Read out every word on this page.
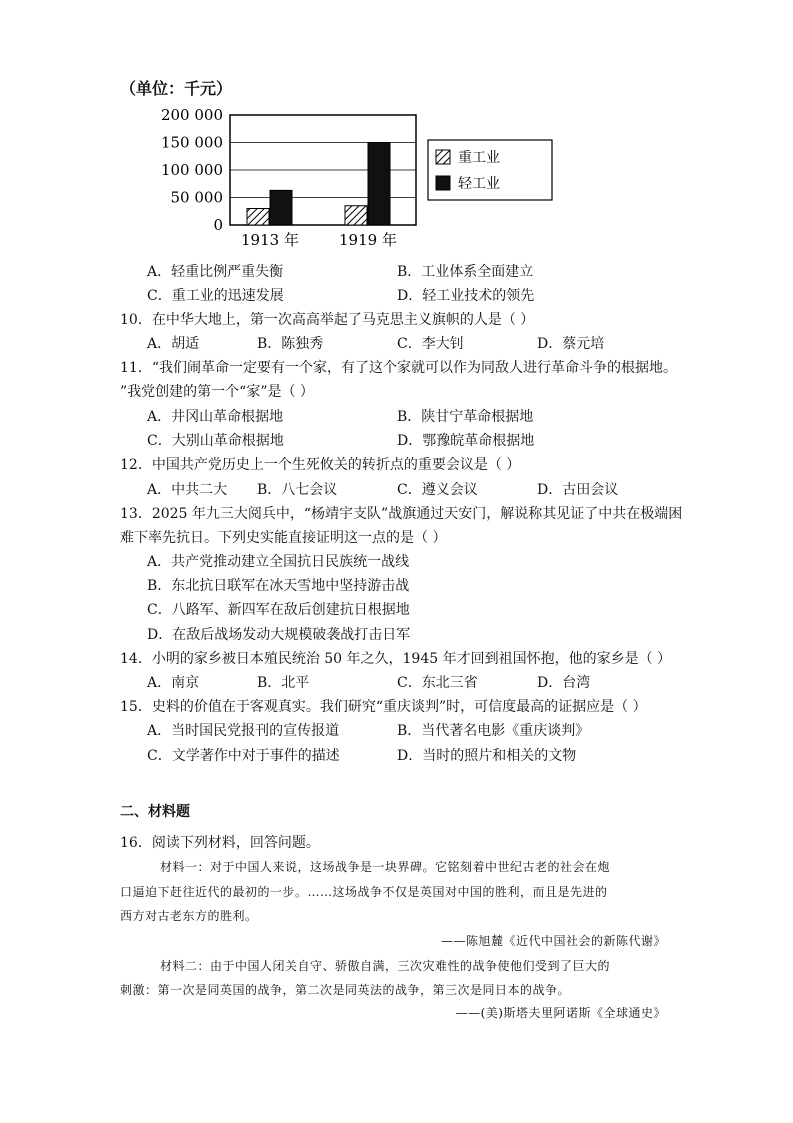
（单位：千元）
200 000
150 000
100 000
50 000
0
1913 年	1919 年
重工业
轻工业
A．轻重比例严重失衡	B．工业体系全面建立
C．重工业的迅速发展	D．轻工业技术的领先
10．在中华大地上，第一次高高举起了马克思主义旗帜的人是（ ）
A．胡适	B．陈独秀	C．李大钊	D．蔡元培
11．“我们闹革命一定要有一个家，有了这个家就可以作为同敌人进行革命斗争的根据地。
”我党创建的第一个“家”是（ ）
A．井冈山革命根据地	B．陕甘宁革命根据地
C．大别山革命根据地	D．鄂豫皖革命根据地
12．中国共产党历史上一个生死攸关的转折点的重要会议是（ ）
A．中共二大 B．八七会议	C．遵义会议	D．古田会议
13．2025 年九三大阅兵中，“杨靖宇支队”战旗通过天安门，解说称其见证了中共在极端困
难下率先抗日。下列史实能直接证明这一点的是（ ）
A．共产党推动建立全国抗日民族统一战线
B．东北抗日联军在冰天雪地中坚持游击战
C．八路军、新四军在敌后创建抗日根据地
D．在敌后战场发动大规模破袭战打击日军
14．小明的家乡被日本殖民统治 50 年之久，1945 年才回到祖国怀抱，他的家乡是（ ）
A．南京	B．北平	C．东北三省	D．台湾
15．史料的价值在于客观真实。我们研究“重庆谈判”时，可信度最高的证据应是（ ）
A．当时国民党报刊的宣传报道	B．当代著名电影《重庆谈判》
C．文学著作中对于事件的描述	D．当时的照片和相关的文物
二、材料题
16．阅读下列材料，回答问题。
材料一：对于中国人来说，这场战争是一块界碑。它铭刻着中世纪古老的社会在炮
口逼迫下赶往近代的最初的一步。……这场战争不仅是英国对中国的胜利，而且是先进的
西方对古老东方的胜利。
——陈旭麓《近代中国社会的新陈代谢》
材料二：由于中国人闭关自守、骄傲自满，三次灾难性的战争使他们受到了巨大的
刺激：第一次是同英国的战争，第二次是同英法的战争，第三次是同日本的战争。
——(美)斯塔夫里阿诺斯《全球通史》
